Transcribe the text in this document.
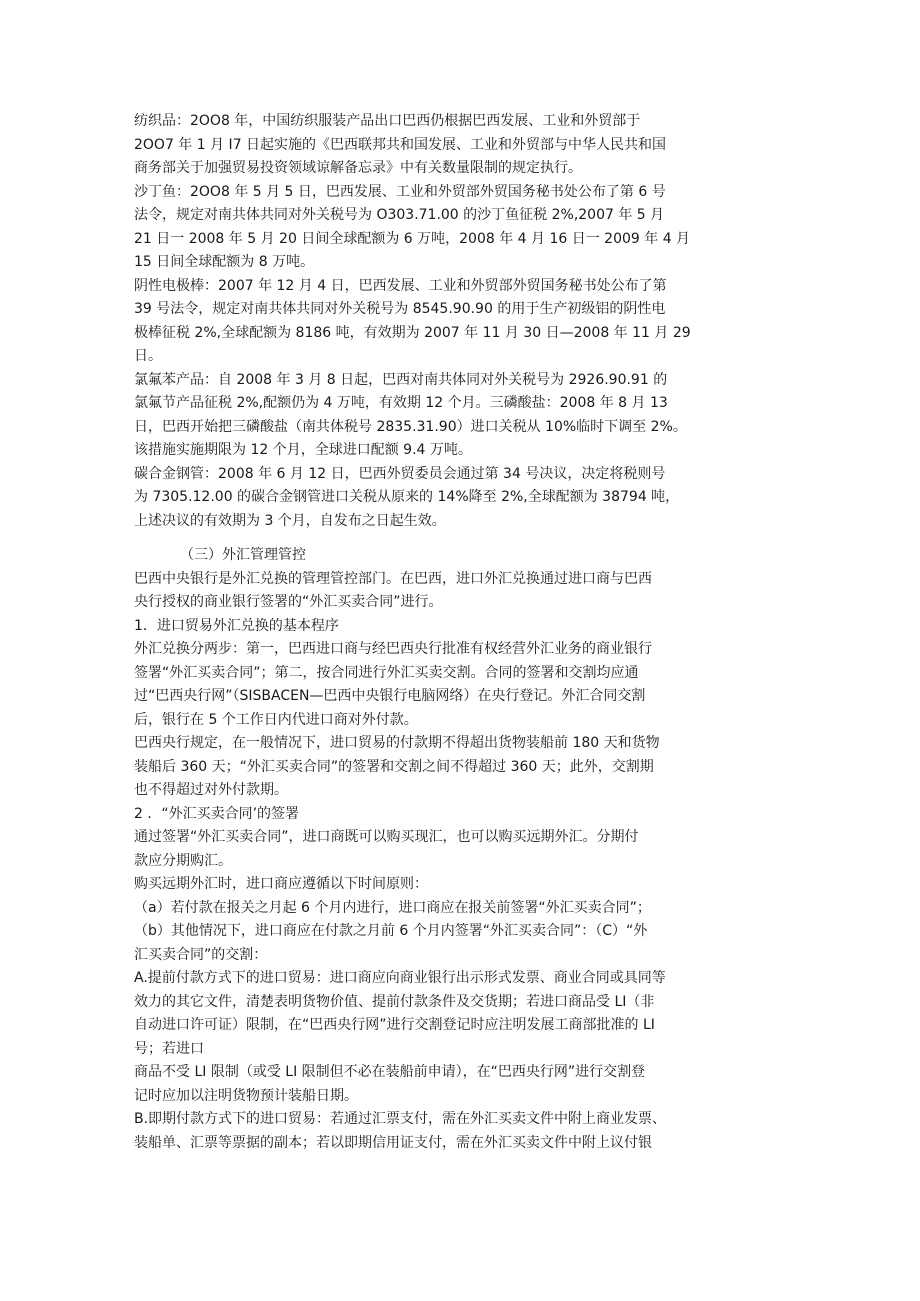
纺织品：2OO8 年，中国纺织服装产品出口巴西仍根据巴西发展、工业和外贸部于
2OO7 年 1 月 I7 日起实施的《巴西联邦共和国发展、工业和外贸部与中华人民共和国
商务部关于加强贸易投资领域谅解备忘录》中有关数量限制的规定执行。
沙丁鱼：2OO8 年 5 月 5 日，巴西发展、工业和外贸部外贸国务秘书处公布了第 6 号
法令，规定对南共体共同对外关税号为 O303.71.00 的沙丁鱼征税 2%,2007 年 5 月
21 日一 2008 年 5 月 20 日间全球配额为 6 万吨，2008 年 4 月 16 日一 2009 年 4 月
15 日间全球配额为 8 万吨。
阴性电极棒：2007 年 12 月 4 日，巴西发展、工业和外贸部外贸国务秘书处公布了第
39 号法令，规定对南共体共同对外关税号为 8545.90.90 的用于生产初级铝的阴性电
极棒征税 2%,全球配额为 8186 吨，有效期为 2007 年 11 月 30 日—2008 年 11 月 29
日。
氯氟苯产品：自 2008 年 3 月 8 日起，巴西对南共体同对外关税号为 2926.90.91 的
氯氟节产品征税 2%,配额仍为 4 万吨，有效期 12 个月。三磷酸盐：2008 年 8 月 13
日，巴西开始把三磷酸盐（南共体税号 2835.31.90）进口关税从 10%临时下调至 2%。
该措施实施期限为 12 个月，全球进口配额 9.4 万吨。
碳合金钢管：2008 年 6 月 12 日，巴西外贸委员会通过第 34 号决议，决定将税则号
为 7305.12.00 的碳合金钢管进口关税从原来的 14%降至 2%,全球配额为 38794 吨，
上述决议的有效期为 3 个月，自发布之日起生效。
（三）外汇管理管控
巴西中央银行是外汇兑换的管理管控部门。在巴西，进口外汇兑换通过进口商与巴西
央行授权的商业银行签署的“外汇买卖合同”进行。
1．进口贸易外汇兑换的基本程序
外汇兑换分两步：第一，巴西进口商与经巴西央行批准有权经营外汇业务的商业银行
签署“外汇买卖合同”；第二，按合同进行外汇买卖交割。合同的签署和交割均应通
过“巴西央行网”（SISBACEN—巴西中央银行电脑网络）在央行登记。外汇合同交割
后，银行在 5 个工作日内代进口商对外付款。
巴西央行规定，在一般情况下，进口贸易的付款期不得超出货物装船前 180 天和货物
装船后 360 天；“外汇买卖合同”的签署和交割之间不得超过 360 天；此外，交割期
也不得超过对外付款期。
2 ．“外汇买卖合同’的签署
通过签署“外汇买卖合同”，进口商既可以购买现汇，也可以购买远期外汇。分期付
款应分期购汇。
购买远期外汇时，进口商应遵循以下时间原则：
（a）若付款在报关之月起 6 个月内进行，进口商应在报关前签署“外汇买卖合同”；
（b）其他情况下，进口商应在付款之月前 6 个月内签署“外汇买卖合同”：（C）“外
汇买卖合同”的交割：
A.提前付款方式下的进口贸易：进口商应向商业银行出示形式发票、商业合同或具同等
效力的其它文件，清楚表明货物价值、提前付款条件及交货期；若进口商品受 LI（非
自动进口许可证）限制，在“巴西央行网”进行交割登记时应注明发展工商部批准的 LI
号；若进口
商品不受 LI 限制（或受 LI 限制但不必在装船前申请），在“巴西央行网”进行交割登
记时应加以注明货物预计装船日期。
B.即期付款方式下的进口贸易：若通过汇票支付，需在外汇买卖文件中附上商业发票、
装船单、汇票等票据的副本；若以即期信用证支付，需在外汇买卖文件中附上议付银
